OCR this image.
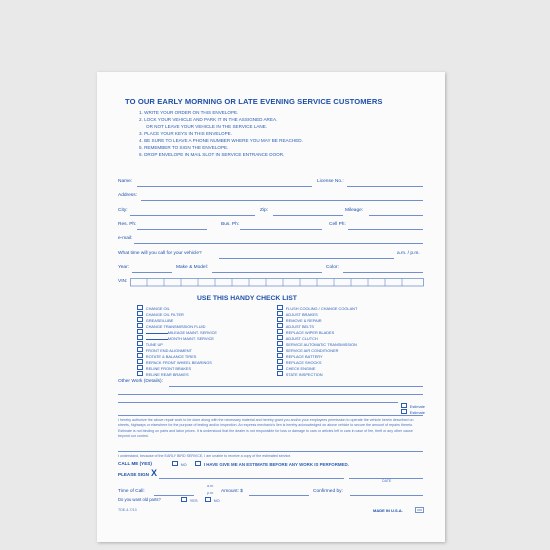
TO OUR EARLY MORNING OR LATE EVENING SERVICE CUSTOMERS
1. WRITE YOUR ORDER ON THIS ENVELOPE.
2. LOCK YOUR VEHICLE AND PARK IT IN THE ASSIGNED AREA.
OR NOT LEAVE YOUR VEHICLE IN THE SERVICE LANE.
3. PLACE YOUR KEYS IN THIS ENVELOPE.
4. BE SURE TO LEAVE A PHONE NUMBER WHERE YOU MAY BE REACHED.
5. REMEMBER TO SIGN THE ENVELOPE.
6. DROP ENVELOPE IN MAIL SLOT IN SERVICE ENTRANCE DOOR.
Name:	License No.:
Address:
City:	Zip:	Mileage:
Res. Ph:	Bus. Ph:	Cell Ph:
e-mail:
What time will you call for your vehicle?	a.m. / p.m.
Year:	Make & Model:	Color:
VIN:
USE THIS HANDY CHECK LIST
CHANGE OIL
CHANGE OIL FILTER
GREASE/LUBE
CHANGE TRANSMISSION FLUID
MILEAGE MAINT. SERVICE
MONTH MAINT. SERVICE
TUNE UP
FRONT END ALIGNMENT
ROTATE & BALANCE TIRES
REPACK FRONT WHEEL BEARINGS
RELINE FRONT BRAKES
RELINE REAR BRAKES
FLUSH COOLING / CHANGE COOLANT
ADJUST BRAKES
REMOVE & REPAIR
ADJUST BELTS
REPLACE WIPER BLADES
ADJUST CLUTCH
SERVICE AUTOMATIC TRANSMISSION
SERVICE AIR CONDITIONER
REPLACE BATTERY
REPLACE SHOCKS
CHECK ENGINE
STATE INSPECTION
Other Work (Details):
Estimate
Estimate
I hereby authorize the above repair work to be done along with the necessary material and hereby grant you and/or your employees permission to operate the vehicle herein described on streets, highways or elsewhere for the purpose of testing and/or inspection. An express mechanic's lien is hereby acknowledged on above vehicle to secure the amount of repairs thereto. Estimate is not binding on parts and labor prices. It is understood that the dealer is not responsible for loss or damage to cars or articles left in cars in case of fire, theft or any other cause beyond our control.
I understand, because of the EARLY BIRD SERVICE, I am unable to receive a copy of the estimated service.
CALL ME (YES)	NO	I HAVE GIVE ME AN ESTIMATE BEFORE ANY WORK IS PERFORMED.
PLEASE SIGN X
DATE
Time of Call:
a.m.
p.m. Amount: $	Confirmed by:
Do you want old parts?	YES	NO
TDE-4-7/13	MADE IN U.S.A.
